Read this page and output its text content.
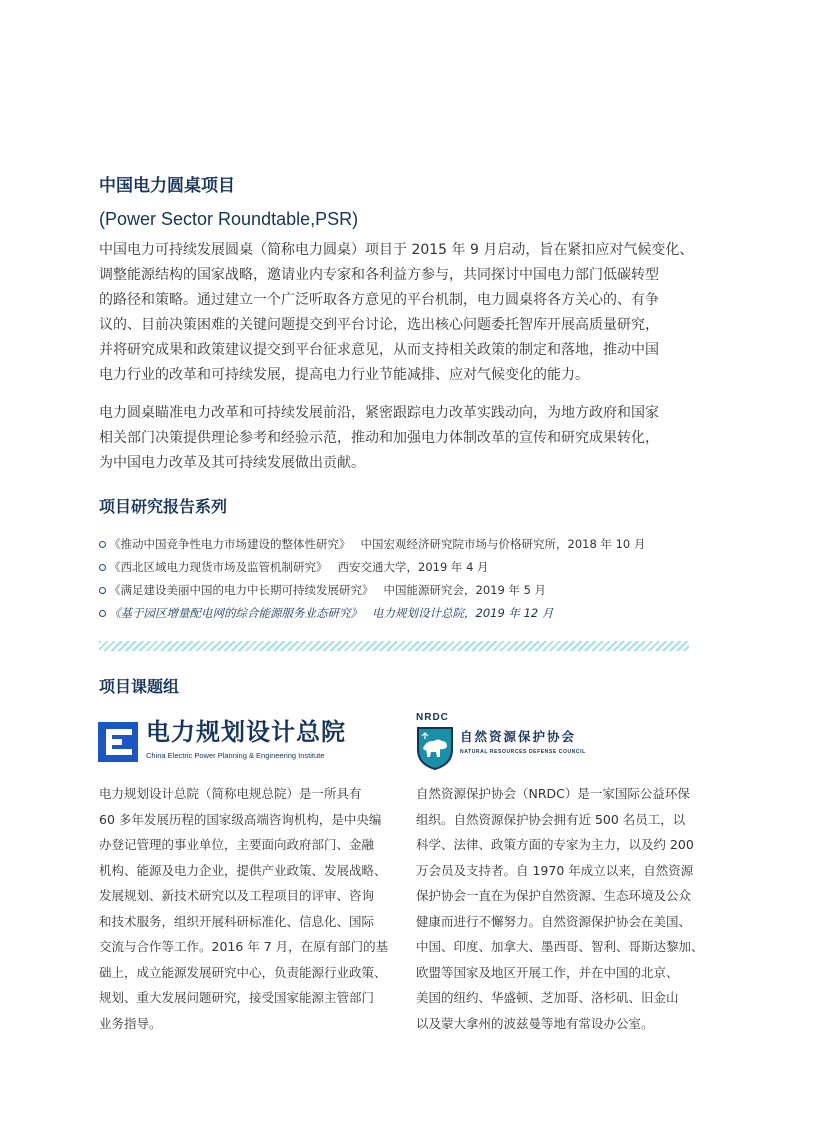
中国电力圆桌项目
(Power Sector Roundtable,PSR)
中国电力可持续发展圆桌（简称电力圆桌）项目于 2015 年 9 月启动，旨在紧扣应对气候变化、
调整能源结构的国家战略，邀请业内专家和各利益方参与，共同探讨中国电力部门低碳转型
的路径和策略。通过建立一个广泛听取各方意见的平台机制，电力圆桌将各方关心的、有争
议的、目前决策困难的关键问题提交到平台讨论，选出核心问题委托智库开展高质量研究，
并将研究成果和政策建议提交到平台征求意见，从而支持相关政策的制定和落地，推动中国
电力行业的改革和可持续发展，提高电力行业节能减排、应对气候变化的能力。
电力圆桌瞄准电力改革和可持续发展前沿，紧密跟踪电力改革实践动向，为地方政府和国家
相关部门决策提供理论参考和经验示范，推动和加强电力体制改革的宣传和研究成果转化，
为中国电力改革及其可持续发展做出贡献。
项目研究报告系列
《推动中国竞争性电力市场建设的整体性研究》 中国宏观经济研究院市场与价格研究所，2018 年 10 月
《西北区域电力现货市场及监管机制研究》 西安交通大学，2019 年 4 月
《满足建设美丽中国的电力中长期可持续发展研究》 中国能源研究会，2019 年 5 月
《基于园区增量配电网的综合能源服务业态研究》 电力规划设计总院，2019 年 12 月
项目课题组
电力规划设计总院
China Electric Power Planning & Engineering Institute
NRDC
自然资源保护协会
NATURAL RESOURCES DEFENSE COUNCIL
电力规划设计总院（简称电规总院）是一所具有
60 多年发展历程的国家级高端咨询机构，是中央编
办登记管理的事业单位，主要面向政府部门、金融
机构、能源及电力企业，提供产业政策、发展战略、
发展规划、新技术研究以及工程项目的评审、咨询
和技术服务，组织开展科研标准化、信息化、国际
交流与合作等工作。2016 年 7 月，在原有部门的基
础上，成立能源发展研究中心，负责能源行业政策、
规划、重大发展问题研究，接受国家能源主管部门
业务指导。
自然资源保护协会（NRDC）是一家国际公益环保
组织。自然资源保护协会拥有近 500 名员工，以
科学、法律、政策方面的专家为主力，以及约 200
万会员及支持者。自 1970 年成立以来，自然资源
保护协会一直在为保护自然资源、生态环境及公众
健康而进行不懈努力。自然资源保护协会在美国、
中国、印度、加拿大、墨西哥、智利、哥斯达黎加、
欧盟等国家及地区开展工作，并在中国的北京、
美国的纽约、华盛顿、芝加哥、洛杉矶、旧金山
以及蒙大拿州的波兹曼等地有常设办公室。
